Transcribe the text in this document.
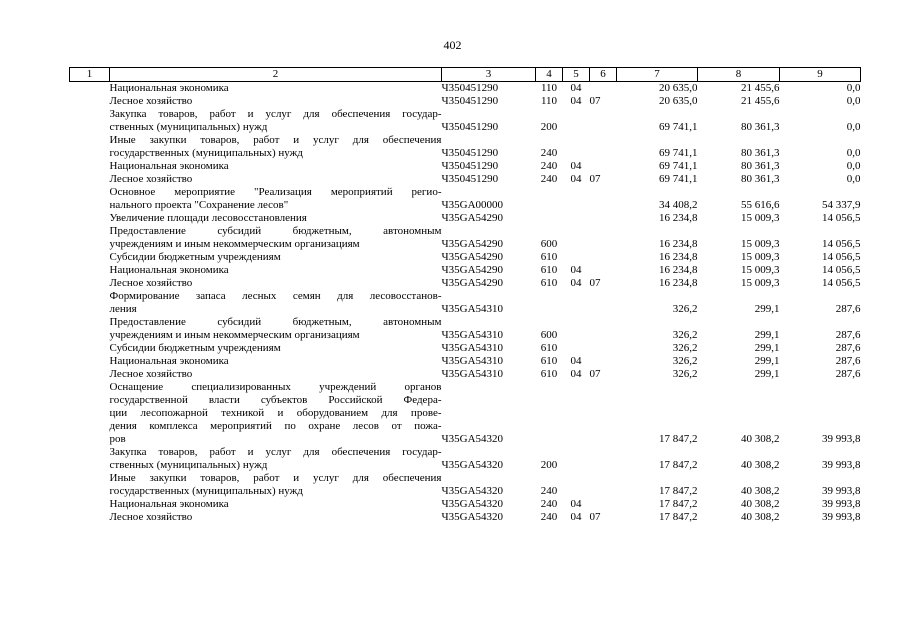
402
1	2	3	4	5	6	7	8	9

	Национальная экономика	Ч350451290	110	04		20 635,0	21 455,6	0,0

	Лесное хозяйство	Ч350451290	110	04	07	20 635,0	21 455,6	0,0

	Закупка товаров, работ и услуг для обеспечения государ-
ственных (муниципальных) нужд	Ч350451290	200			69 741,1	80 361,3	0,0

	Иные закупки товаров, работ и услуг для обеспечения
государственных (муниципальных) нужд	Ч350451290	240			69 741,1	80 361,3	0,0

	Национальная экономика	Ч350451290	240	04		69 741,1	80 361,3	0,0

	Лесное хозяйство	Ч350451290	240	04	07	69 741,1	80 361,3	0,0

	Основное мероприятие "Реализация мероприятий регио-
нального проекта "Сохранение лесов"	Ч35GA00000				34 408,2	55 616,6	54 337,9

	Увеличение площади лесовосстановления	Ч35GA54290				16 234,8	15 009,3	14 056,5

	Предоставление субсидий бюджетным, автономным
учреждениям и иным некоммерческим организациям	Ч35GA54290	600			16 234,8	15 009,3	14 056,5

	Субсидии бюджетным учреждениям	Ч35GA54290	610			16 234,8	15 009,3	14 056,5

	Национальная экономика	Ч35GA54290	610	04		16 234,8	15 009,3	14 056,5

	Лесное хозяйство	Ч35GA54290	610	04	07	16 234,8	15 009,3	14 056,5

	Формирование запаса лесных семян для лесовосстанов-
ления	Ч35GA54310				326,2	299,1	287,6

	Предоставление субсидий бюджетным, автономным
учреждениям и иным некоммерческим организациям	Ч35GA54310	600			326,2	299,1	287,6

	Субсидии бюджетным учреждениям	Ч35GA54310	610			326,2	299,1	287,6

	Национальная экономика	Ч35GA54310	610	04		326,2	299,1	287,6

	Лесное хозяйство	Ч35GA54310	610	04	07	326,2	299,1	287,6

	Оснащение специализированных учреждений органов
государственной власти субъектов Российской Федера-
ции лесопожарной техникой и оборудованием для прове-
дения комплекса мероприятий по охране лесов от пожа-
ров	Ч35GA54320				17 847,2	40 308,2	39 993,8

	Закупка товаров, работ и услуг для обеспечения государ-
ственных (муниципальных) нужд	Ч35GA54320	200			17 847,2	40 308,2	39 993,8

	Иные закупки товаров, работ и услуг для обеспечения
государственных (муниципальных) нужд	Ч35GA54320	240			17 847,2	40 308,2	39 993,8

	Национальная экономика	Ч35GA54320	240	04		17 847,2	40 308,2	39 993,8

	Лесное хозяйство	Ч35GA54320	240	04	07	17 847,2	40 308,2	39 993,8
